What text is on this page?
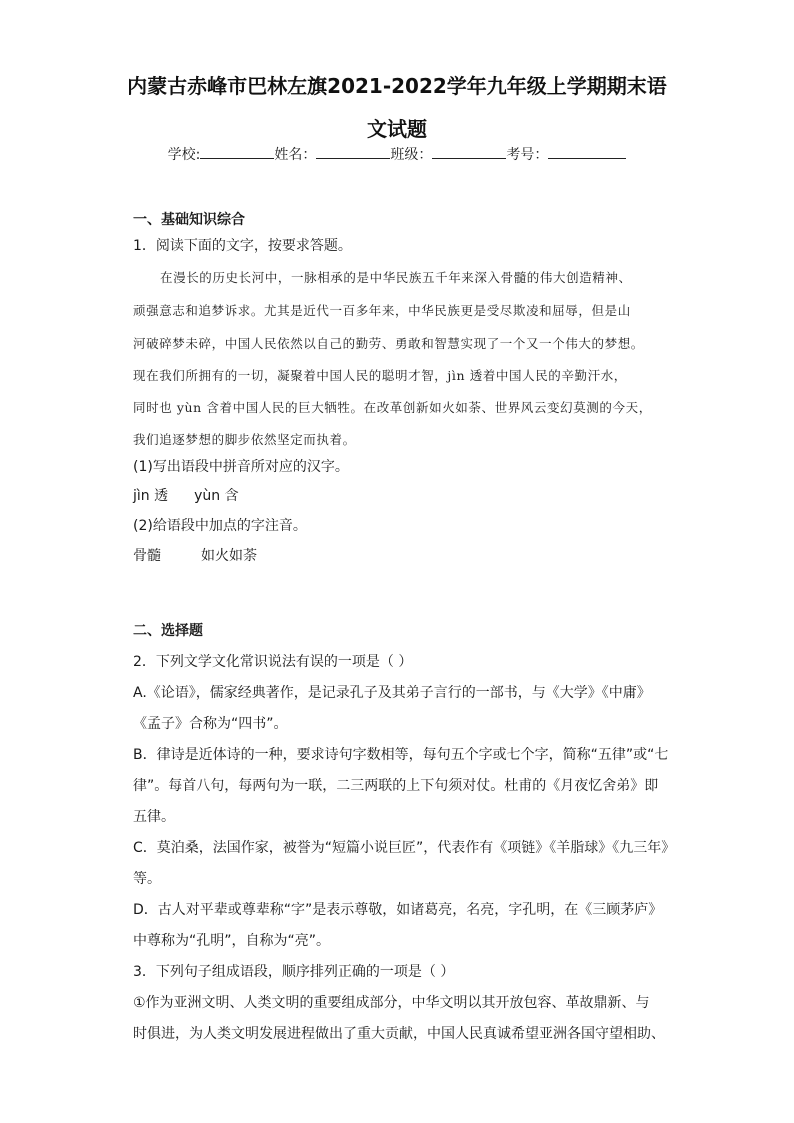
内蒙古赤峰市巴林左旗2021-2022学年九年级上学期期末语
文试题
学校:	姓名：	班级：	考号：
一、基础知识综合
1．阅读下面的文字，按要求答题。
在漫长的历史长河中，一脉相承的是中华民族五千年来深入骨髓的伟大创造精神、
顽强意志和追梦诉求。尤其是近代一百多年来，中华民族更是受尽欺凌和屈辱，但是山
河破碎梦未碎，中国人民依然以自己的勤劳、勇敢和智慧实现了一个又一个伟大的梦想。
现在我们所拥有的一切，凝聚着中国人民的聪明才智，jìn 透着中国人民的辛勤汗水，
同时也 yùn 含着中国人民的巨大牺牲。在改革创新如火如荼、世界风云变幻莫测的今天，
我们追逐梦想的脚步依然坚定而执着。
(1)写出语段中拼音所对应的汉字。
jìn 透 yùn 含
(2)给语段中加点的字注音。
骨髓	如火如荼
二、选择题
2．下列文学文化常识说法有误的一项是（ ）
A.《论语》，儒家经典著作，是记录孔子及其弟子言行的一部书，与《大学》《中庸》
《孟子》合称为“四书”。
B．律诗是近体诗的一种，要求诗句字数相等，每句五个字或七个字，简称“五律”或“七
律”。每首八句，每两句为一联，二三两联的上下句须对仗。杜甫的《月夜忆舍弟》即
五律。
C．莫泊桑，法国作家，被誉为“短篇小说巨匠”，代表作有《项链》《羊脂球》《九三年》
等。
D．古人对平辈或尊辈称“字”是表示尊敬，如诸葛亮，名亮，字孔明，在《三顾茅庐》
中尊称为“孔明”，自称为“亮”。
3．下列句子组成语段，顺序排列正确的一项是（ ）
①作为亚洲文明、人类文明的重要组成部分，中华文明以其开放包容、革故鼎新、与
时俱进，为人类文明发展进程做出了重大贡献，中国人民真诚希望亚洲各国守望相助、
